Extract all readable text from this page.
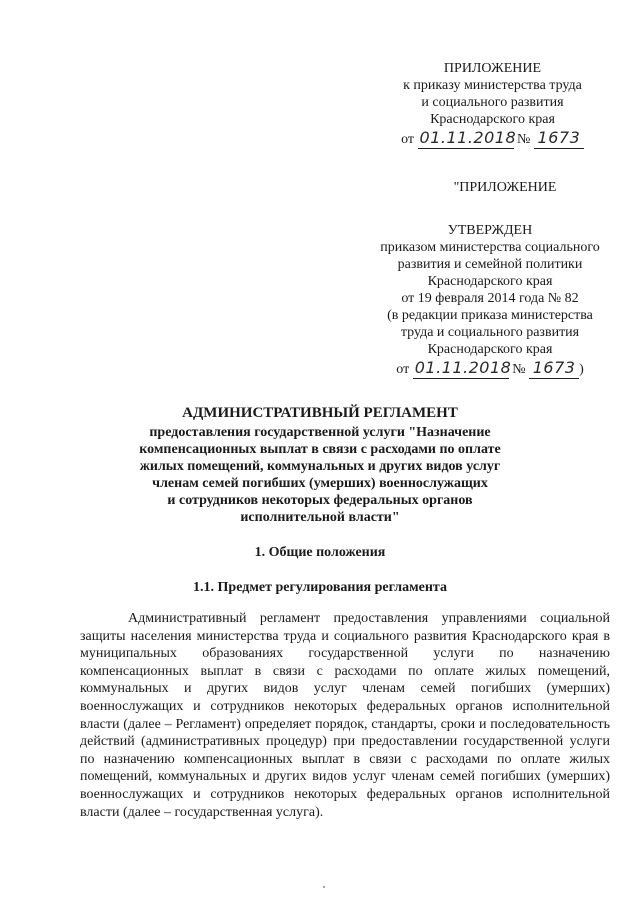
ПРИЛОЖЕНИЕ
к приказу министерства труда
и социального развития
Краснодарского края
от 01.11.2018 № 1673
"ПРИЛОЖЕНИЕ
УТВЕРЖДЕН
приказом министерства социального
развития и семейной политики
Краснодарского края
от 19 февраля 2014 года № 82
(в редакции приказа министерства
труда и социального развития
Краснодарского края
от 01.11.2018 № 1673 )
АДМИНИСТРАТИВНЫЙ РЕГЛАМЕНТ
предоставления государственной услуги "Назначение
компенсационных выплат в связи с расходами по оплате
жилых помещений, коммунальных и других видов услуг
членам семей погибших (умерших) военнослужащих
и сотрудников некоторых федеральных органов
исполнительной власти"
1. Общие положения
1.1. Предмет регулирования регламента

Административный регламент предоставления управлениями социальной защиты населения министерства труда и социального развития Краснодарского края в муниципальных образованиях государственной услуги по назначению компенсационных выплат в связи с расходами по оплате жилых помещений, коммунальных и других видов услуг членам семей погибших (умерших) военнослужащих и сотрудников некоторых федеральных органов исполнительной власти (далее – Регламент) определяет порядок, стандарты, сроки и последовательность действий (административных процедур) при предоставлении государственной услуги по назначению компенсационных выплат в связи с расходами по оплате жилых помещений, коммунальных и других видов услуг членам семей погибших (умерших) военнослужащих и сотрудников некоторых федеральных органов исполнительной власти (далее – государственная услуга).
